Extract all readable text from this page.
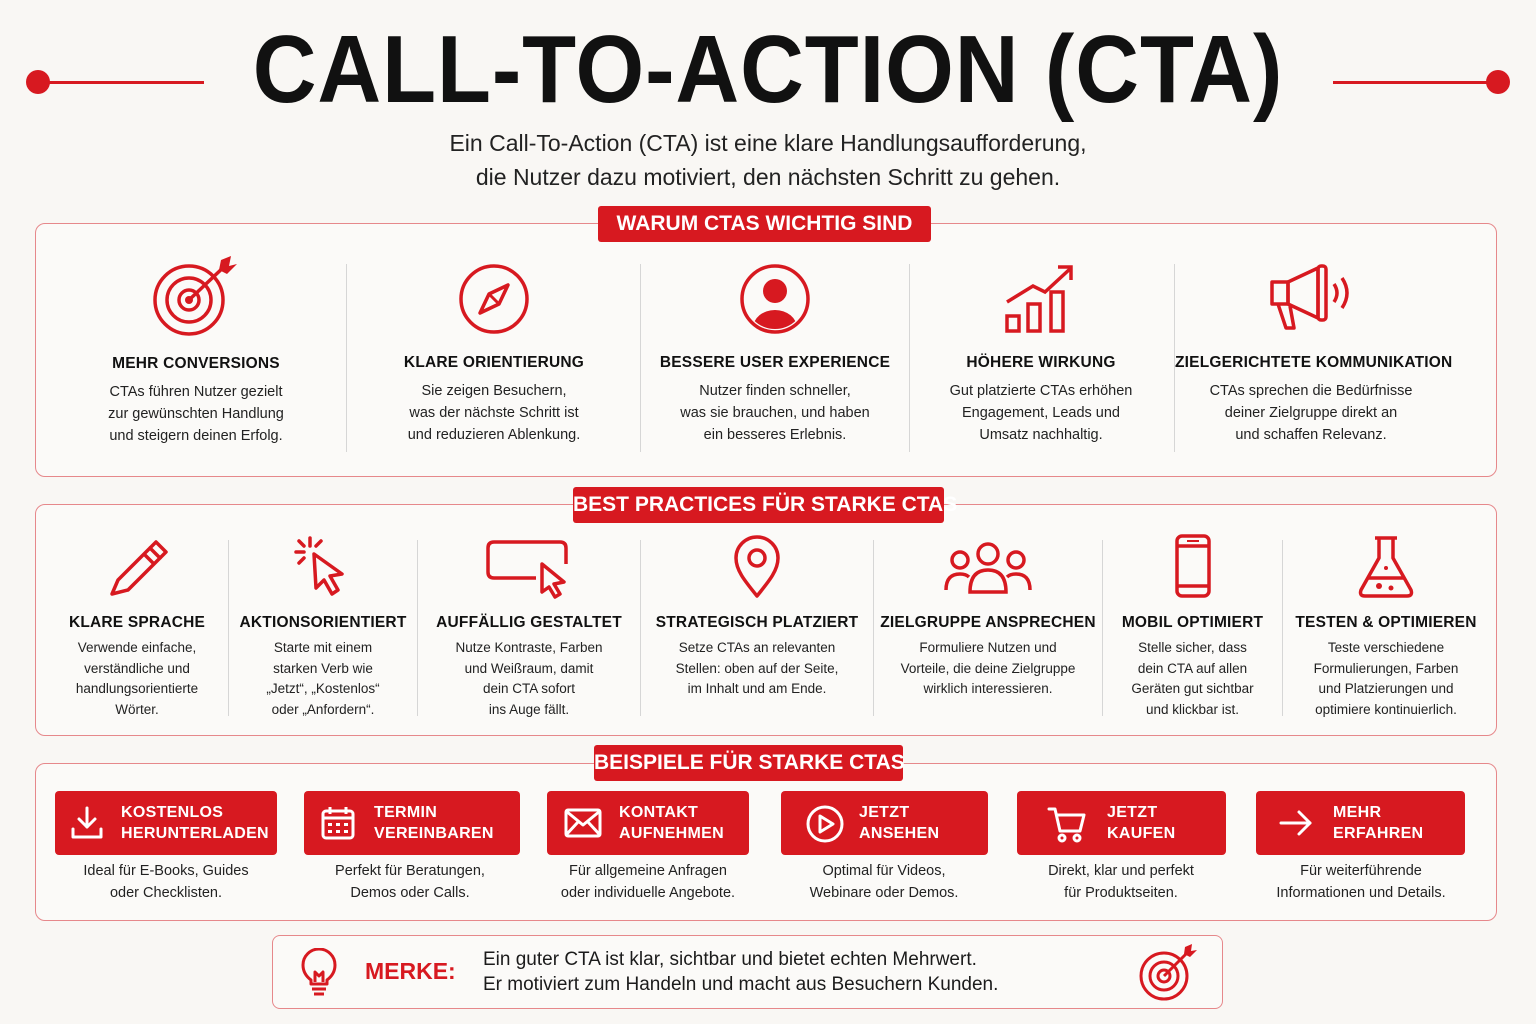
CALL-TO-ACTION (CTA)
Ein Call-To-Action (CTA) ist eine klare Handlungsaufforderung,
die Nutzer dazu motiviert, den nächsten Schritt zu gehen.
WARUM CTAS WICHTIG SIND
MEHR CONVERSIONS
CTAs führen Nutzer gezielt
zur gewünschten Handlung
und steigern deinen Erfolg.
KLARE ORIENTIERUNG
Sie zeigen Besuchern,
was der nächste Schritt ist
und reduzieren Ablenkung.
BESSERE USER EXPERIENCE
Nutzer finden schneller,
was sie brauchen, und haben
ein besseres Erlebnis.
HÖHERE WIRKUNG
Gut platzierte CTAs erhöhen
Engagement, Leads und
Umsatz nachhaltig.
ZIELGERICHTETE KOMMUNIKATION
CTAs sprechen die Bedürfnisse
deiner Zielgruppe direkt an
und schaffen Relevanz.
BEST PRACTICES FÜR STARKE CTAS
KLARE SPRACHE
Verwende einfache,
verständliche und
handlungsorientierte
Wörter.
AKTIONSORIENTIERT
Starte mit einem
starken Verb wie
„Jetzt“, „Kostenlos“
oder „Anfordern“.
AUFFÄLLIG GESTALTET
Nutze Kontraste, Farben
und Weißraum, damit
dein CTA sofort
ins Auge fällt.
STRATEGISCH PLATZIERT
Setze CTAs an relevanten
Stellen: oben auf der Seite,
im Inhalt und am Ende.
ZIELGRUPPE ANSPRECHEN
Formuliere Nutzen und
Vorteile, die deine Zielgruppe
wirklich interessieren.
MOBIL OPTIMIERT
Stelle sicher, dass
dein CTA auf allen
Geräten gut sichtbar
und klickbar ist.
TESTEN & OPTIMIEREN
Teste verschiedene
Formulierungen, Farben
und Platzierungen und
optimiere kontinuierlich.
BEISPIELE FÜR STARKE CTAS
KOSTENLOS
HERUNTERLADEN
Ideal für E-Books, Guides
oder Checklisten.
TERMIN
VEREINBAREN
Perfekt für Beratungen,
Demos oder Calls.
KONTAKT
AUFNEHMEN
Für allgemeine Anfragen
oder individuelle Angebote.
JETZT
ANSEHEN
Optimal für Videos,
Webinare oder Demos.
JETZT
KAUFEN
Direkt, klar und perfekt
für Produktseiten.
MEHR
ERFAHREN
Für weiterführende
Informationen und Details.
MERKE: Ein guter CTA ist klar, sichtbar und bietet echten Mehrwert.
Er motiviert zum Handeln und macht aus Besuchern Kunden.
